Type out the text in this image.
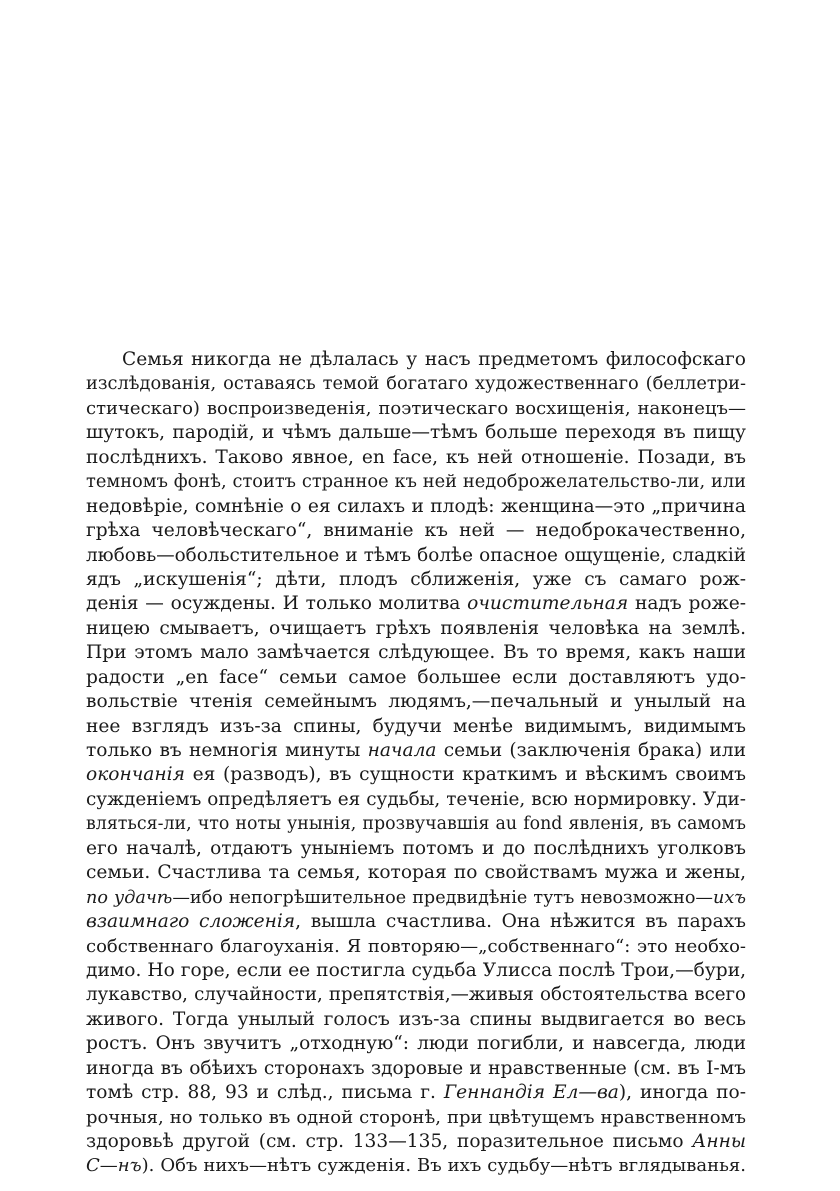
Семья никогда не дѣлалась у насъ предметомъ философскаго
изслѣдованія, оставаясь темой богатаго художественнаго (беллетри-
стическаго) воспроизведенія, поэтическаго восхищенія, наконецъ—
шутокъ, пародій, и чѣмъ дальше—тѣмъ больше переходя въ пищу
послѣднихъ. Таково явное, en face, къ ней отношеніе. Позади, въ
темномъ фонѣ, стоитъ странное къ ней недоброжелательство-ли, или
недовѣріе, сомнѣніе о ея силахъ и плодѣ: женщина—это „причина
грѣха человѣческаго“, вниманіе къ ней — недоброкачественно,
любовь—обольстительное и тѣмъ болѣе опасное ощущеніе, сладкій
ядъ „искушенія“; дѣти, плодъ сближенія, уже съ самаго рож-
денія — осуждены. И только молитва очистительная надъ роже-
ницею смываетъ, очищаетъ грѣхъ появленія человѣка на землѣ.
При этомъ мало замѣчается слѣдующее. Въ то время, какъ наши
радости „en face“ семьи самое большее если доставляютъ удо-
вольствіе чтенія семейнымъ людямъ,—печальный и унылый на
нее взглядъ изъ-за спины, будучи менѣе видимымъ, видимымъ
только въ немногія минуты начала семьи (заключенія брака) или
окончанія ея (разводъ), въ сущности краткимъ и вѣскимъ своимъ
сужденіемъ опредѣляетъ ея судьбы, теченіе, всю нормировку. Уди-
вляться-ли, что ноты унынія, прозвучавшія au fond явленія, въ самомъ
его началѣ, отдаютъ уныніемъ потомъ и до послѣднихъ уголковъ
семьи. Счастлива та семья, которая по свойствамъ мужа и жены,
по удачѣ—ибо непогрѣшительное предвидѣніе тутъ невозможно—ихъ
взаимнаго сложенія, вышла счастлива. Она нѣжится въ парахъ
собственнаго благоуханія. Я повторяю—„собственнаго“: это необхо-
димо. Но горе, если ее постигла судьба Улисса послѣ Трои,—бури,
лукавство, случайности, препятствія,—живыя обстоятельства всего
живого. Тогда унылый голосъ изъ-за спины выдвигается во весь
ростъ. Онъ звучитъ „отходную“: люди погибли, и навсегда, люди
иногда въ обѣихъ сторонахъ здоровые и нравственные (см. въ I-мъ
томѣ стр. 88, 93 и слѣд., письма г. Геннандія Ел—ва), иногда по-
рочныя, но только въ одной сторонѣ, при цвѣтущемъ нравственномъ
здоровьѣ другой (см. стр. 133—135, поразительное письмо Анны
С—нъ). Объ нихъ—нѣтъ сужденія. Въ ихъ судьбу—нѣтъ вглядыванья.
